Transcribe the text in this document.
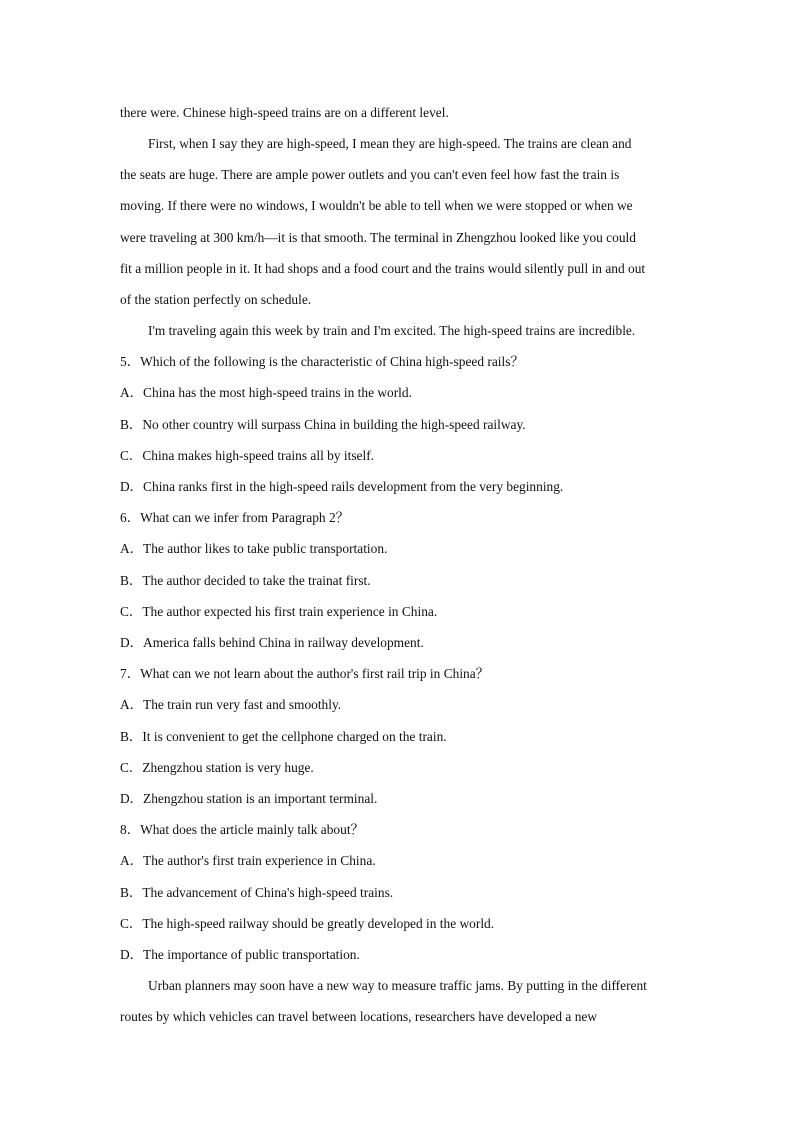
there were. Chinese high-speed trains are on a different level.
First, when I say they are high-speed, I mean they are high-speed. The trains are clean and
the seats are huge. There are ample power outlets and you can't even feel how fast the train is
moving. If there were no windows, I wouldn't be able to tell when we were stopped or when we
were traveling at 300 km/h—it is that smooth. The terminal in Zhengzhou looked like you could
fit a million people in it. It had shops and a food court and the trains would silently pull in and out
of the station perfectly on schedule.
I'm traveling again this week by train and I'm excited. The high-speed trains are incredible.
5．Which of the following is the characteristic of China high-speed rails？
A．China has the most high-speed trains in the world.
B．No other country will surpass China in building the high-speed railway.
C．China makes high-speed trains all by itself.
D．China ranks first in the high-speed rails development from the very beginning.
6．What can we infer from Paragraph 2？
A．The author likes to take public transportation.
B．The author decided to take the trainat first.
C．The author expected his first train experience in China.
D．America falls behind China in railway development.
7．What can we not learn about the author's first rail trip in China？
A．The train run very fast and smoothly.
B．It is convenient to get the cellphone charged on the train.
C．Zhengzhou station is very huge.
D．Zhengzhou station is an important terminal.
8．What does the article mainly talk about？
A．The author's first train experience in China.
B．The advancement of China's high-speed trains.
C．The high-speed railway should be greatly developed in the world.
D．The importance of public transportation.
Urban planners may soon have a new way to measure traffic jams. By putting in the different
routes by which vehicles can travel between locations, researchers have developed a new
